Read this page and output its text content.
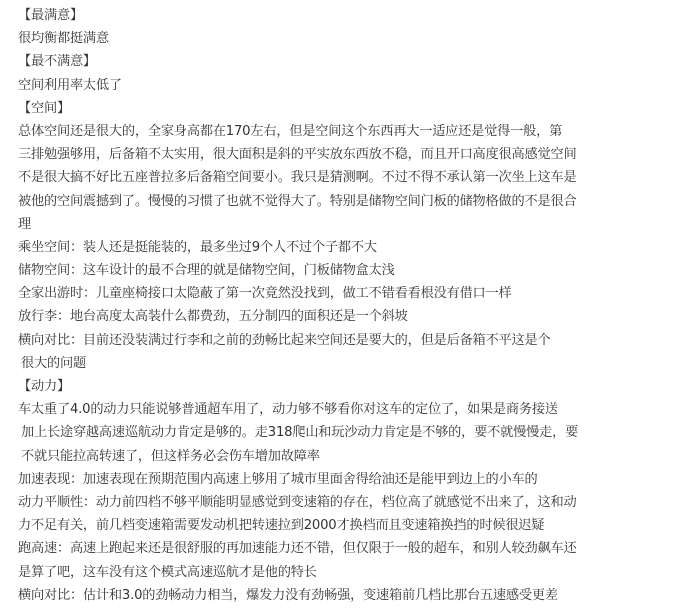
【最满意】

很均衡都挺满意

【最不满意】

空间利用率太低了

【空间】

总体空间还是很大的，全家身高都在170左右，但是空间这个东西再大一适应还是觉得一般，第

三排勉强够用，后备箱不太实用，很大面积是斜的平实放东西放不稳，而且开口高度很高感觉空间

不是很大搞不好比五座普拉多后备箱空间要小。我只是猜测啊。不过不得不承认第一次坐上这车是

被他的空间震撼到了。慢慢的习惯了也就不觉得大了。特别是储物空间门板的储物格做的不是很合

理

乘坐空间：装人还是挺能装的，最多坐过9个人不过个子都不大

储物空间：这车设计的最不合理的就是储物空间，门板储物盒太浅

全家出游时：儿童座椅接口太隐蔽了第一次竟然没找到，做工不错看看根没有借口一样

放行李：地台高度太高装什么都费劲，五分制四的面积还是一个斜坡

横向对比：目前还没装满过行李和之前的劲畅比起来空间还是要大的，但是后备箱不平这是个

很大的问题

【动力】

车太重了4.0的动力只能说够普通超车用了，动力够不够看你对这车的定位了，如果是商务接送

加上长途穿越高速巡航动力肯定是够的。走318爬山和玩沙动力肯定是不够的，要不就慢慢走，要

不就只能拉高转速了，但这样务必会伤车增加故障率

加速表现：加速表现在预期范围内高速上够用了城市里面舍得给油还是能甲到边上的小车的

动力平顺性：动力前四档不够平顺能明显感觉到变速箱的存在，档位高了就感觉不出来了，这和动

力不足有关，前几档变速箱需要发动机把转速拉到2000才换档而且变速箱换挡的时候很迟疑

跑高速：高速上跑起来还是很舒服的再加速能力还不错，但仅限于一般的超车，和别人较劲飙车还

是算了吧，这车没有这个模式高速巡航才是他的特长

横向对比：估计和3.0的劲畅动力相当，爆发力没有劲畅强，变速箱前几档比那台五速感受更差
